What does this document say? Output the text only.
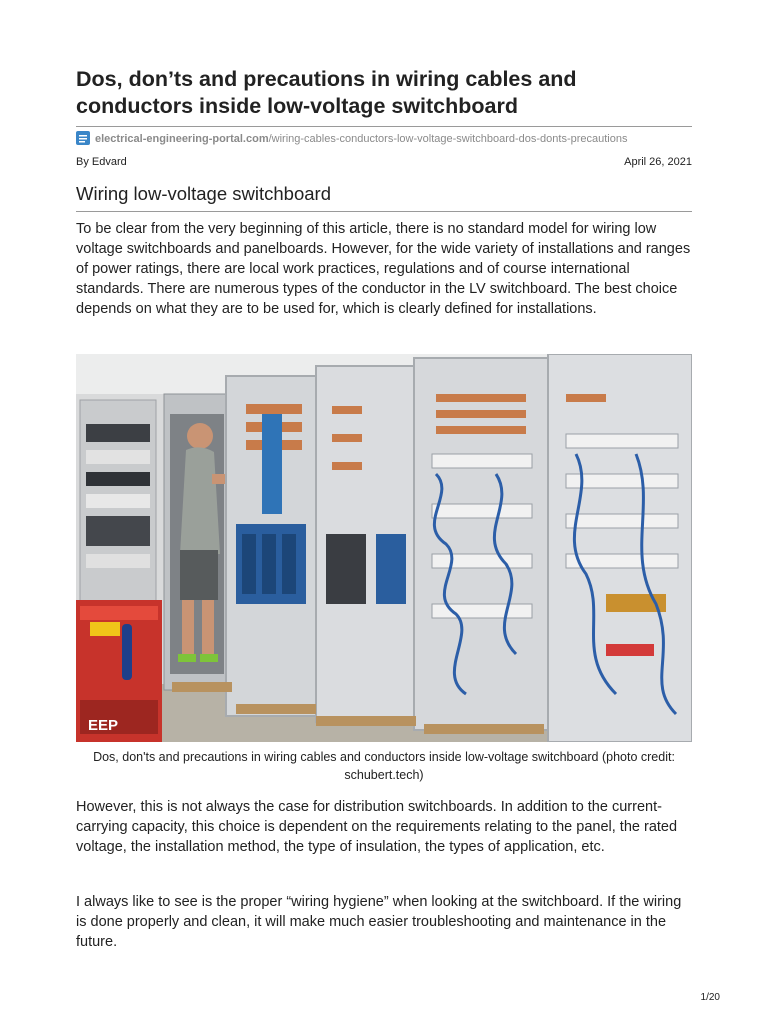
Dos, don’ts and precautions in wiring cables and conductors inside low-voltage switchboard
electrical-engineering-portal.com/wiring-cables-conductors-low-voltage-switchboard-dos-donts-precautions
By Edvard	April 26, 2021
Wiring low-voltage switchboard

To be clear from the very beginning of this article, there is no standard model for wiring low voltage switchboards and panelboards. However, for the wide variety of installations and ranges of power ratings, there are local work practices, regulations and of course international standards. There are numerous types of the conductor in the LV switchboard. The best choice depends on what they are to be used for, which is clearly defined for installations.

EEP
Dos, don'ts and precautions in wiring cables and conductors inside low-voltage switchboard (photo credit: schubert.tech)

However, this is not always the case for distribution switchboards. In addition to the current-carrying capacity, this choice is dependent on the requirements relating to the panel, the rated voltage, the installation method, the type of insulation, the types of application, etc.

I always like to see is the proper “wiring hygiene” when looking at the switchboard. If the wiring is done properly and clean, it will make much easier troubleshooting and maintenance in the future.

1/20
